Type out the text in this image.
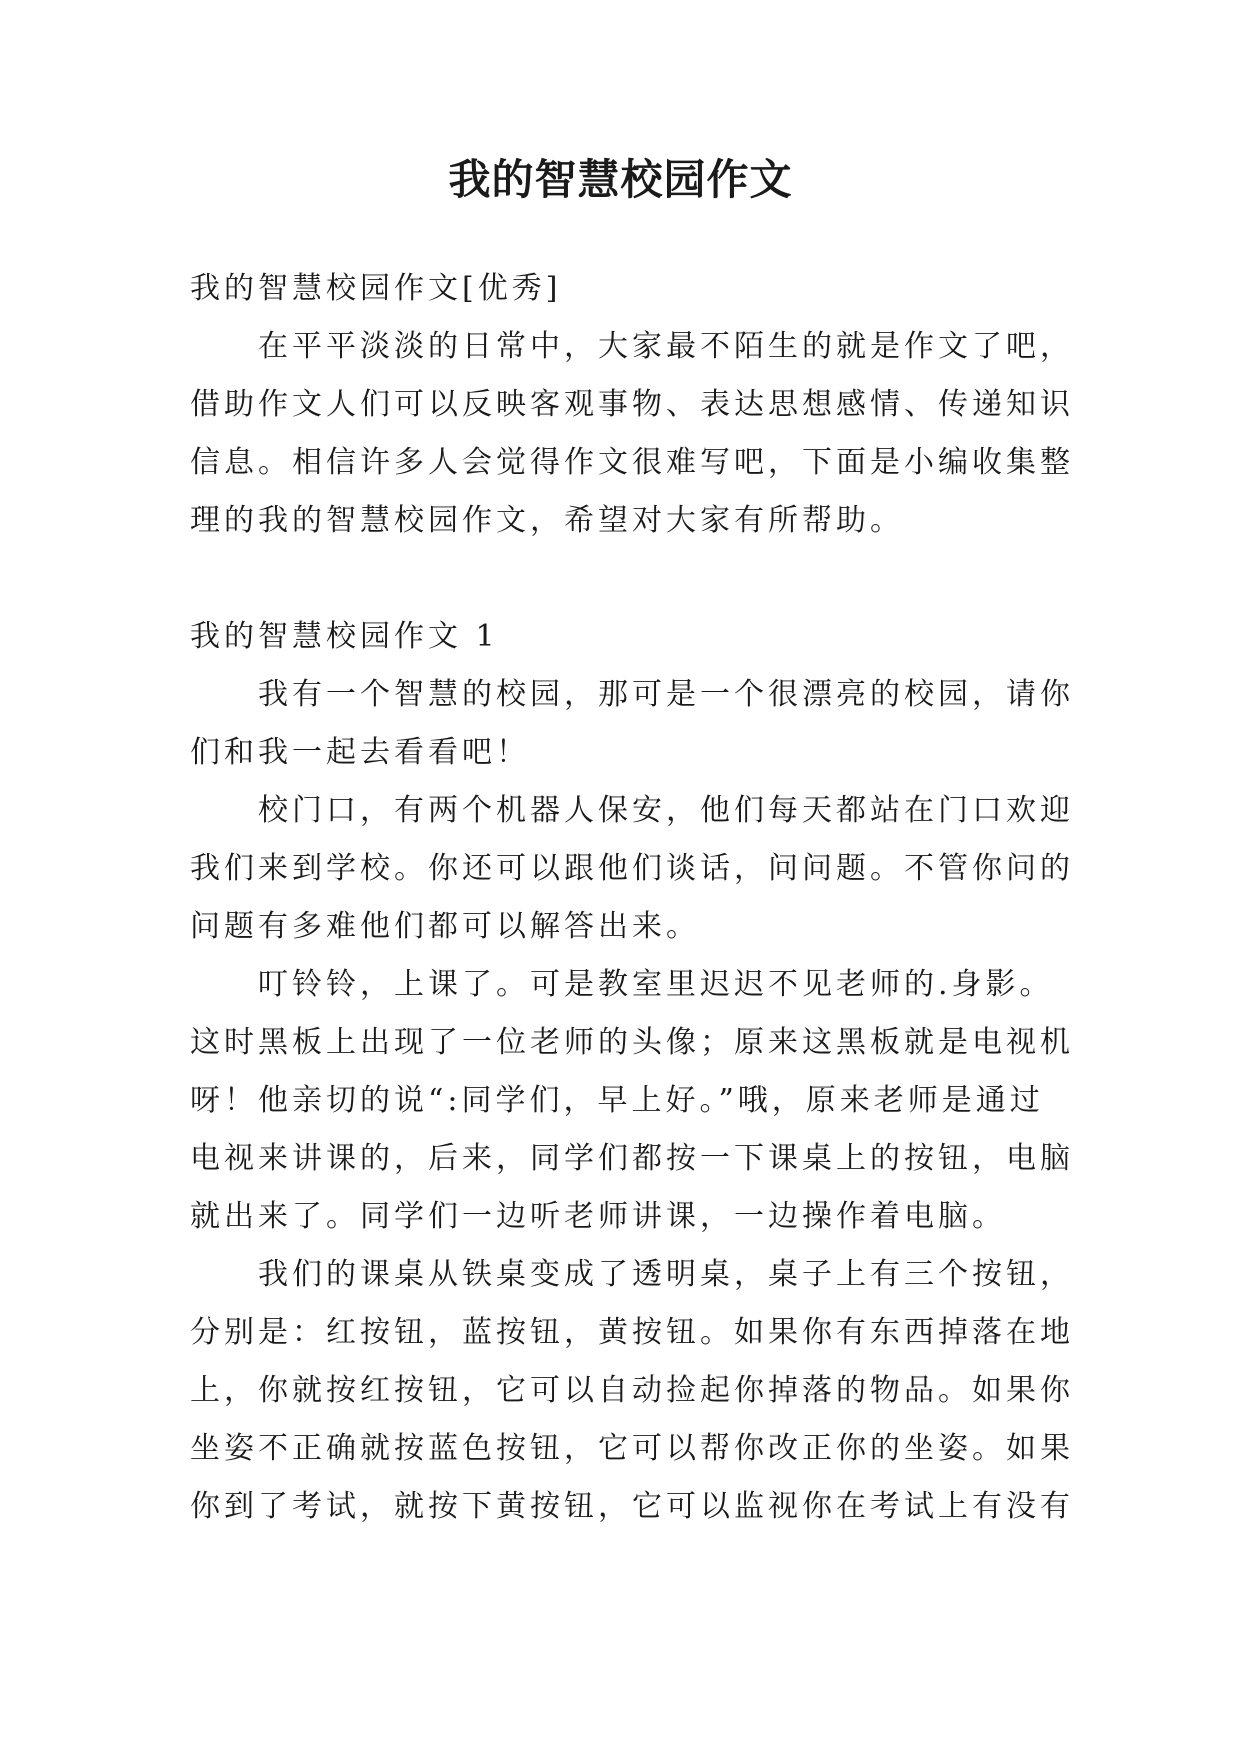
我的智慧校园作文
我的智慧校园作文[优秀]
在平平淡淡的日常中，大家最不陌生的就是作文了吧，
借助作文人们可以反映客观事物、表达思想感情、传递知识
信息。相信许多人会觉得作文很难写吧，下面是小编收集整
理的我的智慧校园作文，希望对大家有所帮助。
我的智慧校园作文 1
我有一个智慧的校园，那可是一个很漂亮的校园，请你
们和我一起去看看吧！
校门口，有两个机器人保安，他们每天都站在门口欢迎
我们来到学校。你还可以跟他们谈话，问问题。不管你问的
问题有多难他们都可以解答出来。
叮铃铃，上课了。可是教室里迟迟不见老师的.身影。
这时黑板上出现了一位老师的头像；原来这黑板就是电视机
呀！他亲切的说“:同学们，早上好。”哦，原来老师是通过
电视来讲课的，后来，同学们都按一下课桌上的按钮，电脑
就出来了。同学们一边听老师讲课，一边操作着电脑。
我们的课桌从铁桌变成了透明桌，桌子上有三个按钮，
分别是：红按钮，蓝按钮，黄按钮。如果你有东西掉落在地
上，你就按红按钮，它可以自动捡起你掉落的物品。如果你
坐姿不正确就按蓝色按钮，它可以帮你改正你的坐姿。如果
你到了考试，就按下黄按钮，它可以监视你在考试上有没有
